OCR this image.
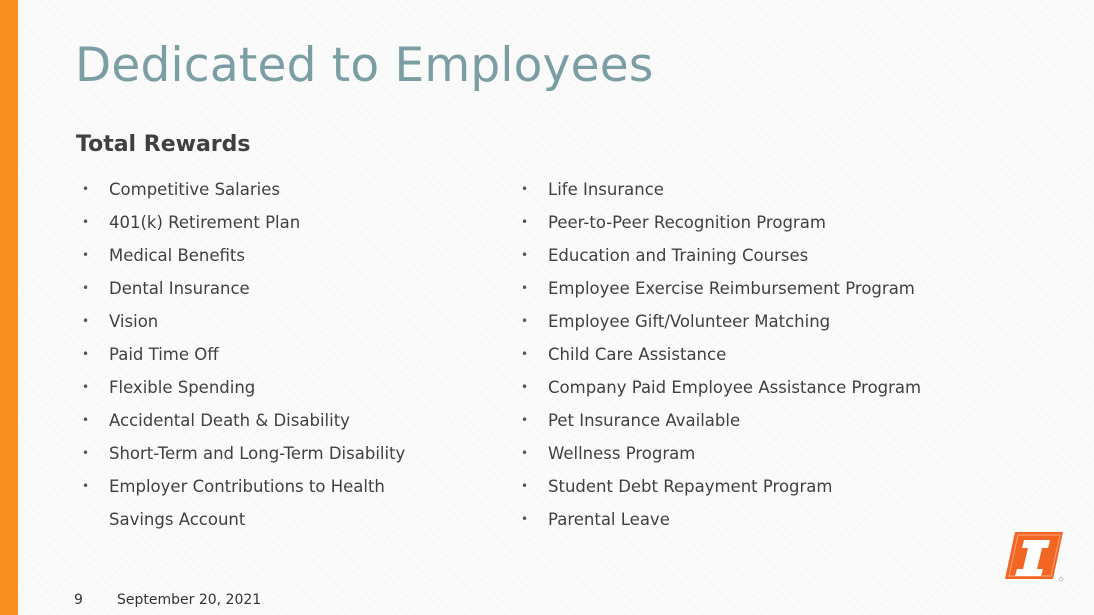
Dedicated to Employees
Total Rewards
• Competitive Salaries
• 401(k) Retirement Plan
• Medical Benefits
• Dental Insurance
• Vision
• Paid Time Off
• Flexible Spending
• Accidental Death & Disability
• Short-Term and Long-Term Disability
• Employer Contributions to Health
Savings Account
• Life Insurance
• Peer-to-Peer Recognition Program
• Education and Training Courses
• Employee Exercise Reimbursement Program
• Employee Gift/Volunteer Matching
• Child Care Assistance
• Company Paid Employee Assistance Program
• Pet Insurance Available
• Wellness Program
• Student Debt Repayment Program
• Parental Leave
9 September 20, 2021
